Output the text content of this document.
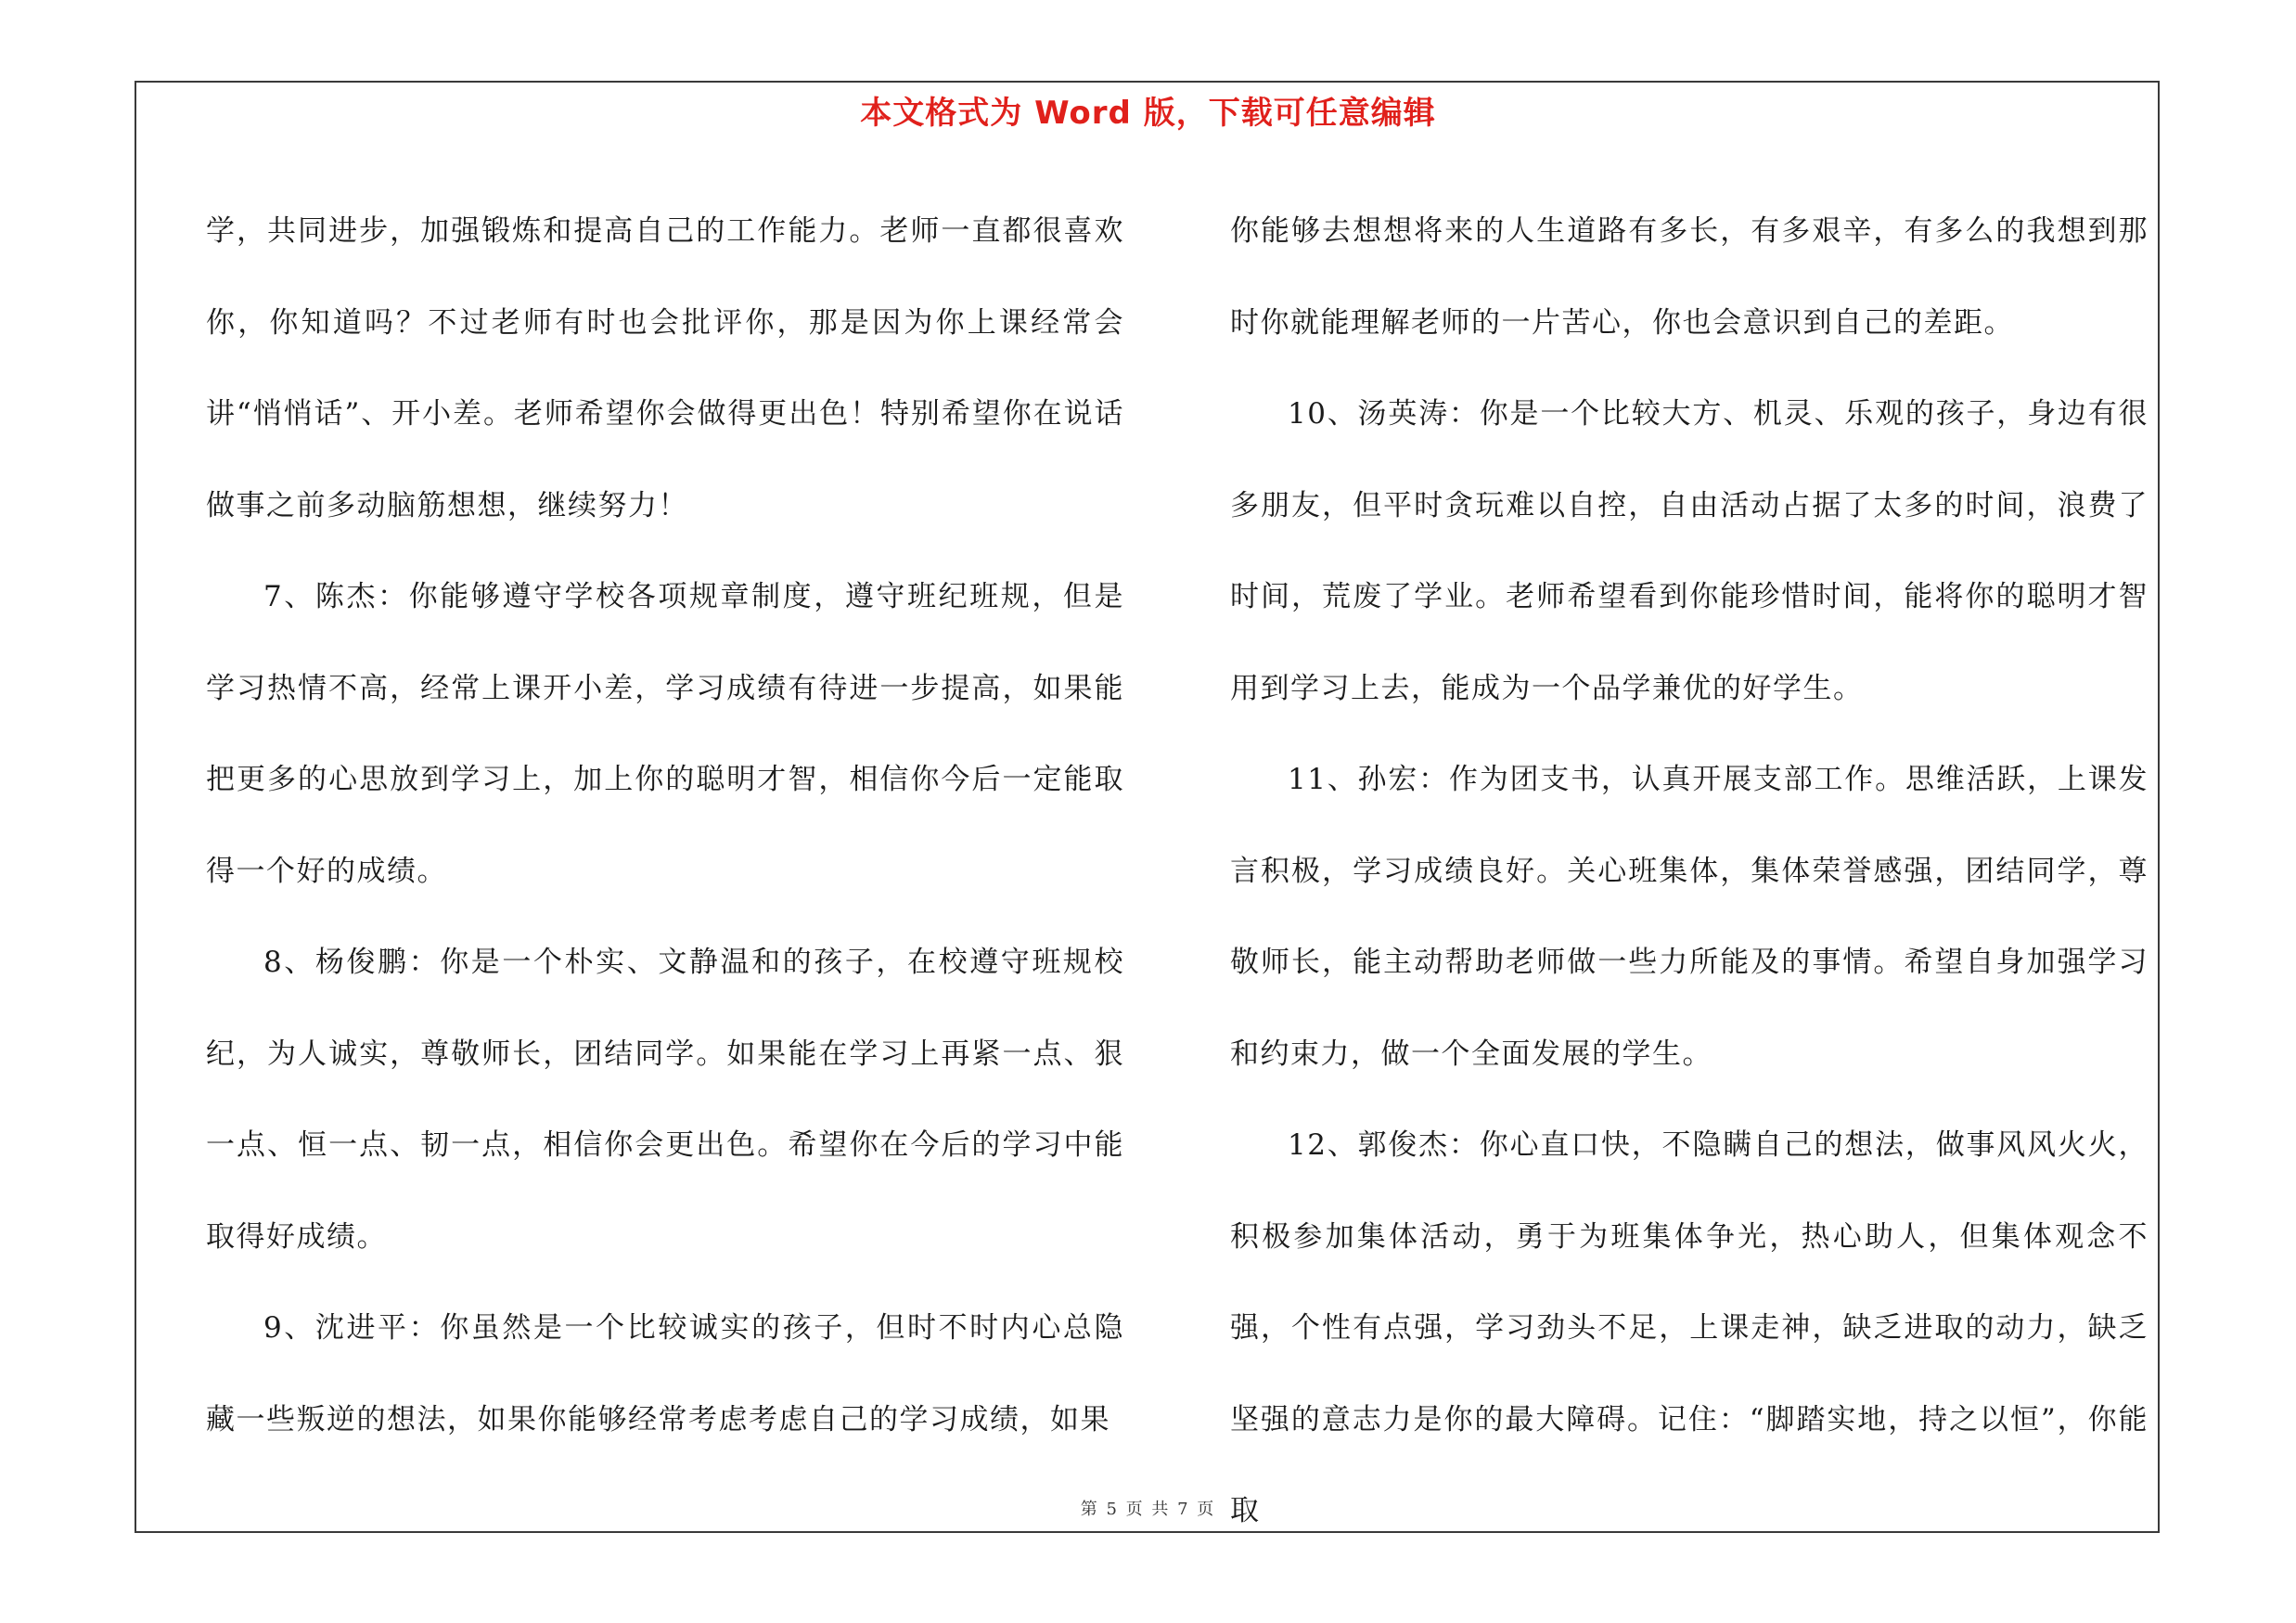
本文格式为 Word 版，下载可任意编辑

学，共同进步，加强锻炼和提高自己的工作能力。老师一直都很喜欢你，你知道吗？不过老师有时也会批评你，那是因为你上课经常会讲“悄悄话”、开小差。老师希望你会做得更出色！特别希望你在说话做事之前多动脑筋想想，继续努力！

7、陈杰：你能够遵守学校各项规章制度，遵守班纪班规，但是学习热情不高，经常上课开小差，学习成绩有待进一步提高，如果能把更多的心思放到学习上，加上你的聪明才智，相信你今后一定能取得一个好的成绩。

8、杨俊鹏：你是一个朴实、文静温和的孩子，在校遵守班规校纪，为人诚实，尊敬师长，团结同学。如果能在学习上再紧一点、狠一点、恒一点、韧一点，相信你会更出色。希望你在今后的学习中能取得好成绩。

9、沈进平：你虽然是一个比较诚实的孩子，但时不时内心总隐藏一些叛逆的想法，如果你能够经常考虑考虑自己的学习成绩，如果

你能够去想想将来的人生道路有多长，有多艰辛，有多么的我想到那时你就能理解老师的一片苦心，你也会意识到自己的差距。

10、汤英涛：你是一个比较大方、机灵、乐观的孩子，身边有很多朋友，但平时贪玩难以自控，自由活动占据了太多的时间，浪费了时间，荒废了学业。老师希望看到你能珍惜时间，能将你的聪明才智用到学习上去，能成为一个品学兼优的好学生。

11、孙宏：作为团支书，认真开展支部工作。思维活跃，上课发言积极，学习成绩良好。关心班集体，集体荣誉感强，团结同学，尊敬师长，能主动帮助老师做一些力所能及的事情。希望自身加强学习和约束力，做一个全面发展的学生。

12、郭俊杰：你心直口快，不隐瞒自己的想法，做事风风火火，积极参加集体活动，勇于为班集体争光，热心助人，但集体观念不强，个性有点强，学习劲头不足，上课走神，缺乏进取的动力，缺乏坚强的意志力是你的最大障碍。记住：“脚踏实地，持之以恒”，你能取

第 5 页 共 7 页
